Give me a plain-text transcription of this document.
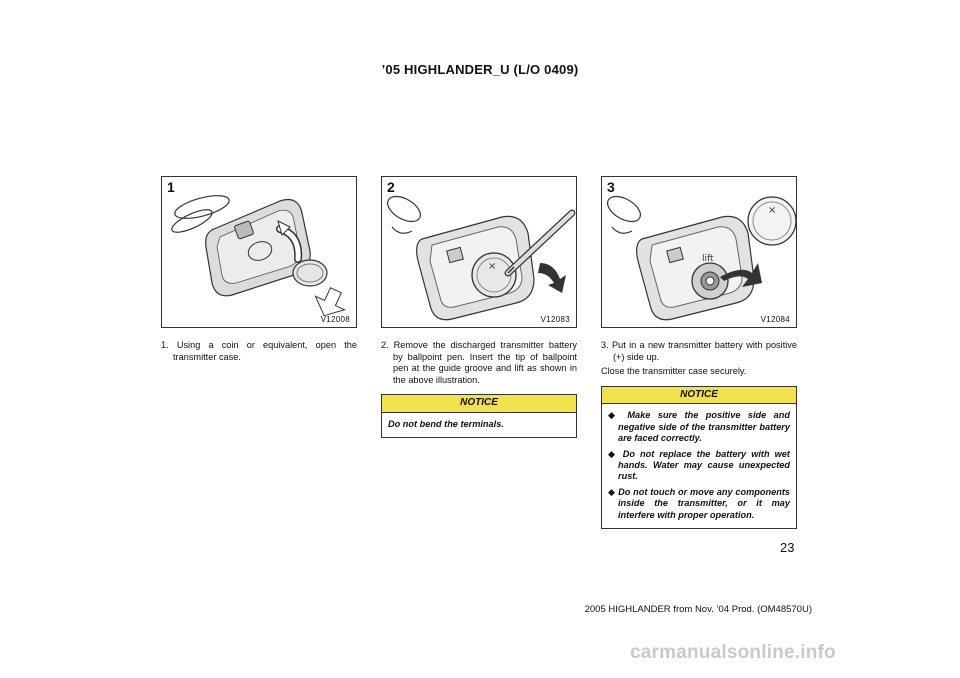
’05 HIGHLANDER_U (L/O 0409)
1
V12008
×
2
V12083
lift
×
3
V12084

1. Using a coin or equivalent, open the transmitter case.

2. Remove the discharged transmitter battery by ballpoint pen. Insert the tip of ballpoint pen at the guide groove and lift as shown in the above illustration.

NOTICE
Do not bend the terminals.

3. Put in a new transmitter battery with positive (+) side up.

Close the transmitter case securely.

NOTICE

◆ Make sure the positive side and negative side of the transmitter battery are faced correctly.

◆ Do not replace the battery with wet hands. Water may cause unexpected rust.

◆ Do not touch or move any components inside the transmitter, or it may interfere with proper operation.

23
2005 HIGHLANDER from Nov. ’04 Prod. (OM48570U)
carmanualsonline.info
